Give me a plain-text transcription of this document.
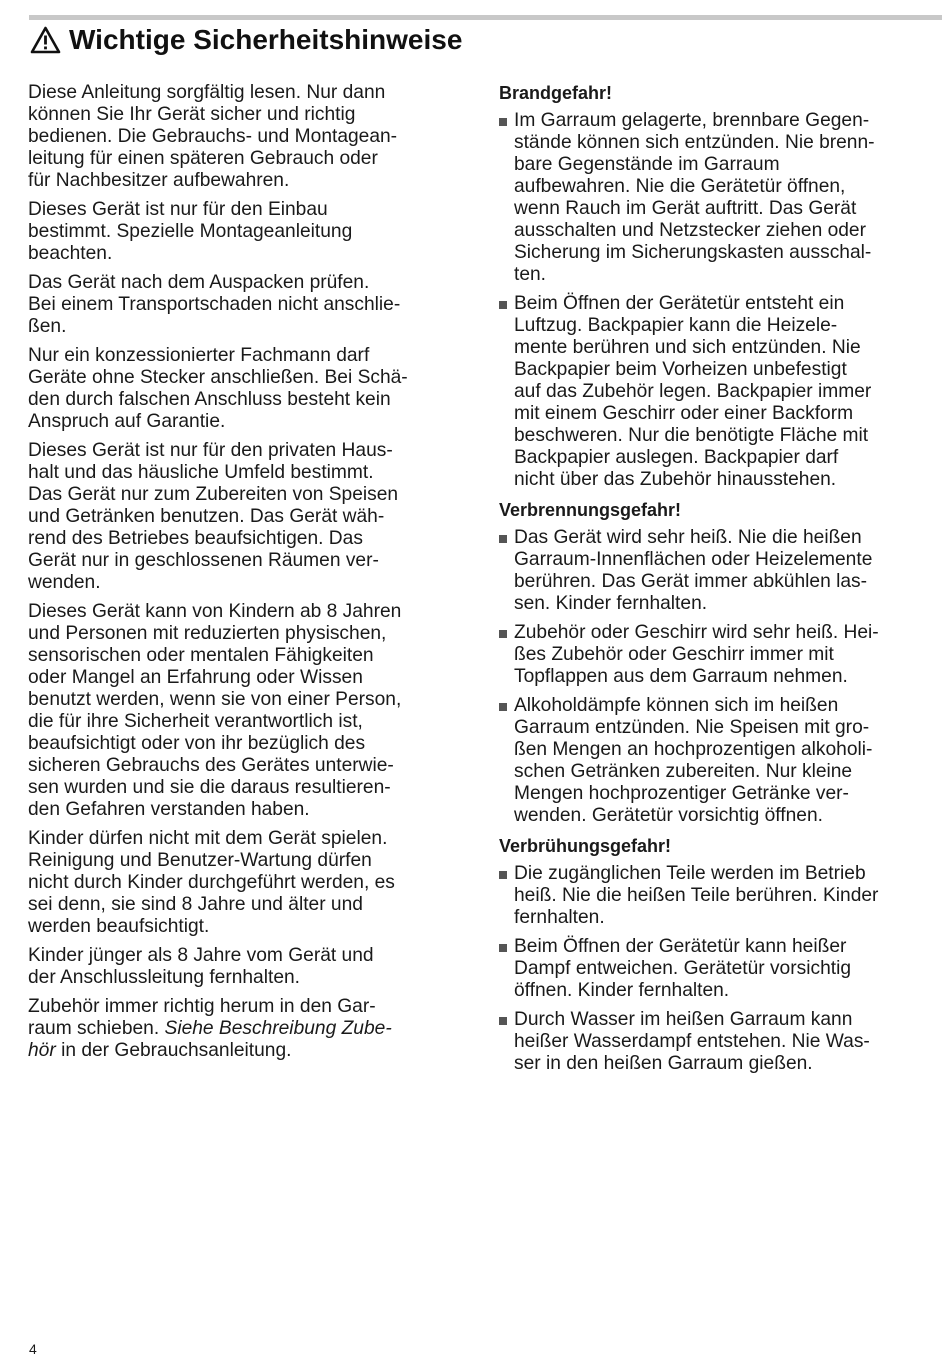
Wichtige Sicherheitshinweise

Diese Anleitung sorgfältig lesen. Nur dann
können Sie Ihr Gerät sicher und richtig
bedienen. Die Gebrauchs- und Montagean-
leitung für einen späteren Gebrauch oder
für Nachbesitzer aufbewahren.

Dieses Gerät ist nur für den Einbau
bestimmt. Spezielle Montageanleitung
beachten.

Das Gerät nach dem Auspacken prüfen.
Bei einem Transportschaden nicht anschlie-
ßen.

Nur ein konzessionierter Fachmann darf
Geräte ohne Stecker anschließen. Bei Schä-
den durch falschen Anschluss besteht kein
Anspruch auf Garantie.

Dieses Gerät ist nur für den privaten Haus-
halt und das häusliche Umfeld bestimmt.
Das Gerät nur zum Zubereiten von Speisen
und Getränken benutzen. Das Gerät wäh-
rend des Betriebes beaufsichtigen. Das
Gerät nur in geschlossenen Räumen ver-
wenden.

Dieses Gerät kann von Kindern ab 8 Jahren
und Personen mit reduzierten physischen,
sensorischen oder mentalen Fähigkeiten
oder Mangel an Erfahrung oder Wissen
benutzt werden, wenn sie von einer Person,
die für ihre Sicherheit verantwortlich ist,
beaufsichtigt oder von ihr bezüglich des
sicheren Gebrauchs des Gerätes unterwie-
sen wurden und sie die daraus resultieren-
den Gefahren verstanden haben.

Kinder dürfen nicht mit dem Gerät spielen.
Reinigung und Benutzer-Wartung dürfen
nicht durch Kinder durchgeführt werden, es
sei denn, sie sind 8 Jahre und älter und
werden beaufsichtigt.

Kinder jünger als 8 Jahre vom Gerät und
der Anschlussleitung fernhalten.

Zubehör immer richtig herum in den Gar-
raum schieben. Siehe Beschreibung Zube-
hör in der Gebrauchsanleitung.

Brandgefahr!
Im Garraum gelagerte, brennbare Gegen-
stände können sich entzünden. Nie brenn-
bare Gegenstände im Garraum
aufbewahren. Nie die Gerätetür öffnen,
wenn Rauch im Gerät auftritt. Das Gerät
ausschalten und Netzstecker ziehen oder
Sicherung im Sicherungskasten ausschal-
ten.
Beim Öffnen der Gerätetür entsteht ein
Luftzug. Backpapier kann die Heizele-
mente berühren und sich entzünden. Nie
Backpapier beim Vorheizen unbefestigt
auf das Zubehör legen. Backpapier immer
mit einem Geschirr oder einer Backform
beschweren. Nur die benötigte Fläche mit
Backpapier auslegen. Backpapier darf
nicht über das Zubehör hinausstehen.
Verbrennungsgefahr!
Das Gerät wird sehr heiß. Nie die heißen
Garraum-Innenflächen oder Heizelemente
berühren. Das Gerät immer abkühlen las-
sen. Kinder fernhalten.
Zubehör oder Geschirr wird sehr heiß. Hei-
ßes Zubehör oder Geschirr immer mit
Topflappen aus dem Garraum nehmen.
Alkoholdämpfe können sich im heißen
Garraum entzünden. Nie Speisen mit gro-
ßen Mengen an hochprozentigen alkoholi-
schen Getränken zubereiten. Nur kleine
Mengen hochprozentiger Getränke ver-
wenden. Gerätetür vorsichtig öffnen.
Verbrühungsgefahr!
Die zugänglichen Teile werden im Betrieb
heiß. Nie die heißen Teile berühren. Kinder
fernhalten.
Beim Öffnen der Gerätetür kann heißer
Dampf entweichen. Gerätetür vorsichtig
öffnen. Kinder fernhalten.
Durch Wasser im heißen Garraum kann
heißer Wasserdampf entstehen. Nie Was-
ser in den heißen Garraum gießen.
4
